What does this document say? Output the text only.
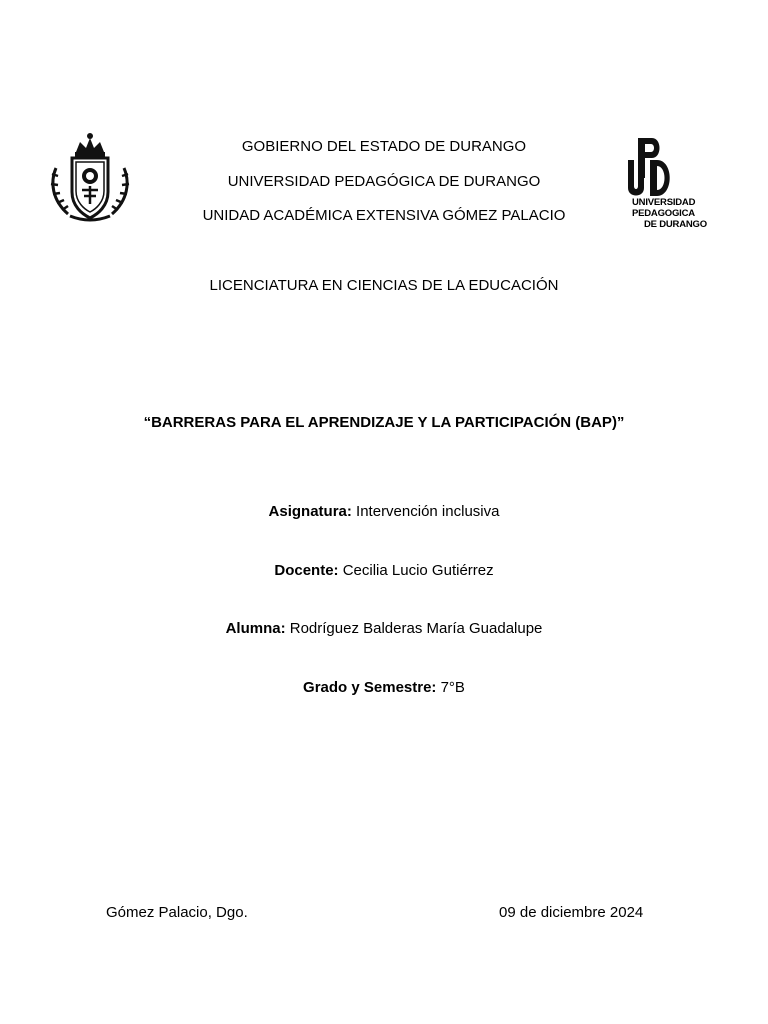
GOBIERNO DEL ESTADO DE DURANGO
UNIVERSIDAD PEDAGÓGICA DE DURANGO
UNIDAD ACADÉMICA EXTENSIVA GÓMEZ PALACIO
UNIVERSIDAD
PEDAGOGICA
DE DURANGO
LICENCIATURA EN CIENCIAS DE LA EDUCACIÓN
“BARRERAS PARA EL APRENDIZAJE Y LA PARTICIPACIÓN (BAP)”
Asignatura: Intervención inclusiva
Docente: Cecilia Lucio Gutiérrez
Alumna: Rodríguez Balderas María Guadalupe
Grado y Semestre: 7°B
Gómez Palacio, Dgo.	09 de diciembre 2024
